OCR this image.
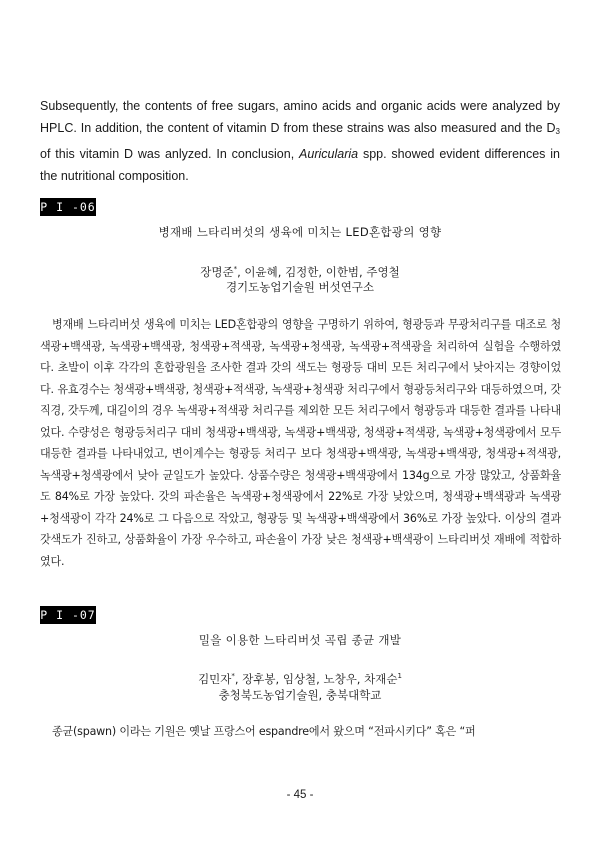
Subsequently, the contents of free sugars, amino acids and organic acids were analyzed by HPLC. In addition, the content of vitamin D from these strains was also measured and the $D_3$ of this vitamin D was anlyzed. In conclusion, Auricularia spp. showed evident differences in the nutritional composition.

P I -06
병재배 느타리버섯의 생육에 미치는 LED혼합광의 영향
장명준*, 이윤혜, 김정한, 이한범, 주영철
경기도농업기술원 버섯연구소

병재배 느타리버섯 생육에 미치는 LED혼합광의 영향을 구명하기 위하여, 형광등과 무광처리구를 대조로 청색광+백색광, 녹색광+백색광, 청색광+적색광, 녹색광+청색광, 녹색광+적색광을 처리하여 실험을 수행하였다. 초발이 이후 각각의 혼합광원을 조사한 결과 갓의 색도는 형광등 대비 모든 처리구에서 낮아지는 경향이었다. 유효경수는 청색광+백색광, 청색광+적색광, 녹색광+청색광 처리구에서 형광등처리구와 대등하였으며, 갓직경, 갓두께, 대길이의 경우 녹색광+적색광 처리구를 제외한 모든 처리구에서 형광등과 대등한 결과를 나타내었다. 수량성은 형광등처리구 대비 청색광+백색광, 녹색광+백색광, 청색광+적색광, 녹색광+청색광에서 모두 대등한 결과를 나타내었고, 변이계수는 형광등 처리구 보다 청색광+백색광, 녹색광+백색광, 청색광+적색광, 녹색광+청색광에서 낮아 균일도가 높았다. 상품수량은 청색광+백색광에서 134g으로 가장 많았고, 상품화율도 84%로 가장 높았다. 갓의 파손율은 녹색광+청색광에서 22%로 가장 낮았으며, 청색광+백색광과 녹색광+청색광이 각각 24%로 그 다음으로 작았고, 형광등 및 녹색광+백색광에서 36%로 가장 높았다. 이상의 결과 갓색도가 진하고, 상품화율이 가장 우수하고, 파손율이 가장 낮은 청색광+백색광이 느타리버섯 재배에 적합하였다.

P I -07
밀을 이용한 느타리버섯 곡립 종균 개발
김민자*, 장후봉, 임상철, 노창우, 차재순$^1$
충청북도농업기술원, 충북대학교
종균(spawn) 이라는 기원은 옛날 프랑스어 espandre에서 왔으며 “전파시키다” 혹은 “퍼
- 45 -
